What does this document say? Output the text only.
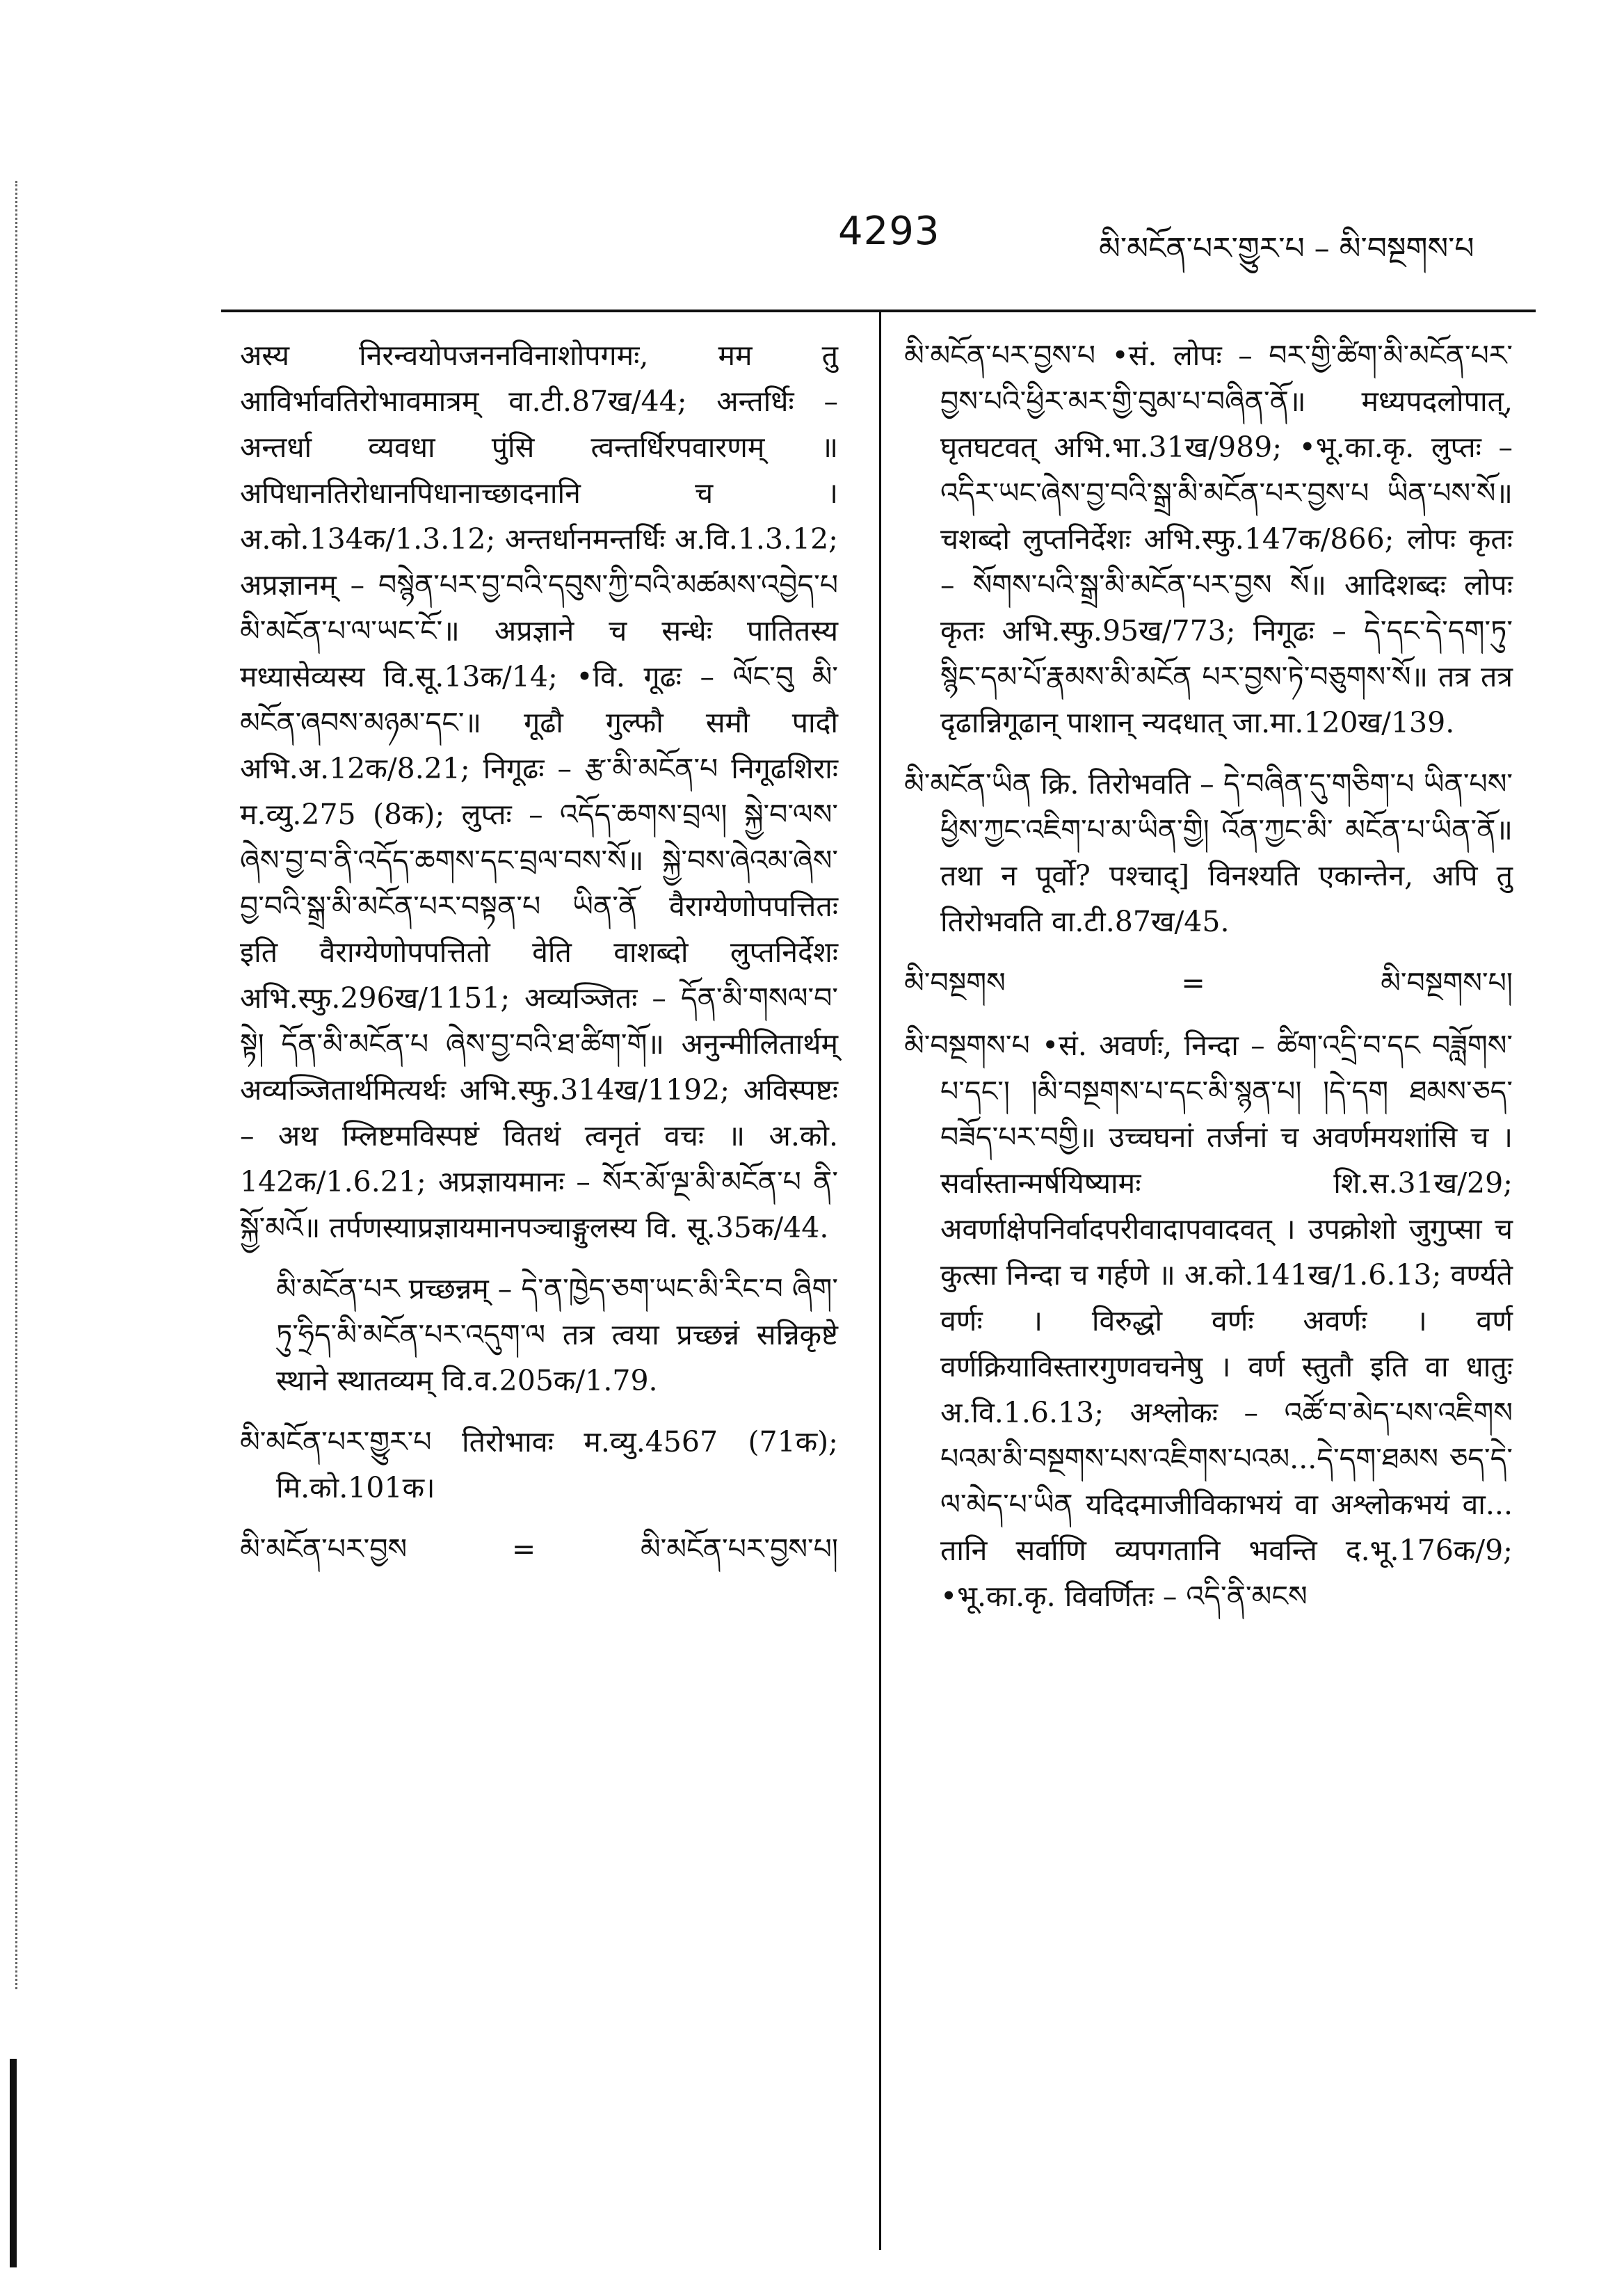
4293	མི་མངོན་པར་གྱུར་པ – མི་བསྔགས་པ

अस्य निरन्वयोपजननविनाशोपगमः, मम तु आविर्भावतिरोभावमात्रम् वा.टी.87ख/44; अन्तर्धिः – अन्तर्धा व्यवधा पुंसि त्वन्तर्धिरपवारणम् ॥ अपिधानतिरोधानपिधानाच्छादनानि च । अ.को.134क/1.3.12; अन्तर्धानमन्तर्धिः अ.वि.1.3.12; अप्रज्ञानम् – བསྙེན་པར་བྱ་བའི་དབུས་ཀྱི་བའི་མཚམས་འབྱེད་པ མི་མངོན་པ་ལ་ཡང་ངོ༌॥ अप्रज्ञाने च सन्धेः पातितस्य मध्यासेव्यस्य वि.सू.13क/14; •वि. गूढः – ལོང་བུ མི་མངོན་ཞབས་མཉམ་དང༌॥ गूढौ गुल्फौ समौ पादौ अभि.अ.12क/8.21; निगूढः – རྩ་མི་མངོན་པ निगूढशिराः म.व्यु.275 (8क); लुप्तः – འདོད་ཆགས་བྲལ། སྐྱེ་བ་ལས་ཞེས་བྱ་བ་ནི་འདོད་ཆགས་དང་བྲལ་བས་སོ॥ སྐྱེ་བས་ཞེའམ་ཞེས་བྱ་བའི་སྒྲ་མི་མངོན་པར་བསྟན་པ ཡིན་ནོ वैराग्येणोपपत्तितः इति वैराग्येणोपपत्तितो वेति वाशब्दो लुप्तनिर्देशः अभि.स्फु.296ख/1151; अव्यञ्जितः – དོན་མི་གསལ་བ་སྟེ། དོན་མི་མངོན་པ ཞེས་བྱ་བའི་ཐ་ཚིག་གོ॥ अनुन्मीलितार्थम् अव्यञ्जितार्थमित्यर्थः अभि.स्फु.314ख/1192; अविस्पष्टः – अथ म्लिष्टमविस्पष्टं वितथं त्वनृतं वचः ॥ अ.को. 142क/1.6.21; अप्रज्ञायमानः – སོར་མོ་ལྔ་མི་མངོན་པ ནི་སྐྱོ་མའོ॥ तर्पणस्याप्रज्ञायमानपञ्चाङ्गुलस्य वि. सू.35क/44.

མི་མངོན་པར प्रच्छन्नम् – དེ་ན་ཁྱེད་ཅག་ཡང་མི་རིང་བ ཞིག་ཏུ་ཧྲིད་མི་མངོན་པར་འདུག་ལ तत्र त्वया प्रच्छन्नं सन्निकृष्टे स्थाने स्थातव्यम् वि.व.205क/1.79.

མི་མངོན་པར་གྱུར་པ तिरोभावः म.व्यु.4567 (71क); मि.को.101क।

མི་མངོན་པར་བྱས	=	མི་མངོན་པར་བྱས་པ།

མི་མངོན་པར་བྱས་པ •सं. लोपः – བར་གྱི་ཚིག་མི་མངོན་པར་བྱས་པའི་ཕྱིར་མར་གྱི་བུམ་པ་བཞིན་ནོ॥ मध्यपदलोपात्, घृतघटवत् अभि.भा.31ख/989; •भू.का.कृ. लुप्तः – འདིར་ཡང་ཞེས་བྱ་བའི་སྒྲ་མི་མངོན་པར་བྱས་པ ཡིན་པས་སོ॥ चशब्दो लुप्तनिर्देशः अभि.स्फु.147क/866; लोपः कृतः – སོགས་པའི་སྒྲ་མི་མངོན་པར་བྱས སོ॥ आदिशब्दः लोपः कृतः अभि.स्फु.95ख/773; निगूढः – དེ་དང་དེ་དག་ཏུ་སྙིང་དམ་པོ་རྣམས་མི་མངོན པར་བྱས་ཏེ་བཅུགས་སོ॥ तत्र तत्र दृढान्निगूढान् पाशान् न्यदधात् जा.मा.120ख/139.

མི་མངོན་ཡིན क्रि. तिरोभवति – དེ་བཞིན་དུ་གཅིག་པ ཡིན་པས་ཕྱིས་ཀྱང་འཇིག་པ་མ་ཡིན་གྱི། འོན་ཀྱང་མི་ མངོན་པ་ཡིན་ནོ॥ तथा न पूर्वो? पश्चाद्] विनश्यति एकान्तेन, अपि तु तिरोभवति वा.टी.87ख/45.

མི་བསྔགས	=	མི་བསྔགས་པ།

མི་བསྔགས་པ •सं. अवर्णः, निन्दा – ཚིག་འདྲི་བ་དང བཟློགས་པ་དང་། །མི་བསྔགས་པ་དང་མི་སྙན་པ། །དེ་དག ཐམས་ཅད་བཟོད་པར་བགྱི॥ उच्चघनां तर्जनां च अवर्णमयशांसि च । सर्वास्तान्मर्षयिष्यामः शि.स.31ख/29; अवर्णाक्षेपनिर्वादपरीवादापवादवत् । उपक्रोशो जुगुप्सा च कुत्सा निन्दा च गर्हणे ॥ अ.को.141ख/1.6.13; वर्ण्यते वर्णः । विरुद्धो वर्णः अवर्णः । वर्ण वर्णक्रियाविस्तारगुणवचनेषु । वर्ण स्तुतौ इति वा धातुः अ.वि.1.6.13; अश्लोकः – འཚོ་བ་མེད་པས་འཇིགས པའམ་མི་བསྔགས་པས་འཇིགས་པའམ...དེ་དག་ཐམས ཅད་དེ་ལ་མེད་པ་ཡིན यदिदमाजीविकाभयं वा अश्लोकभयं वा... तानि सर्वाणि व्यपगतानि भवन्ति द.भू.176क/9; •भू.का.कृ. विवर्णितः – འདི་ནི་མངས
